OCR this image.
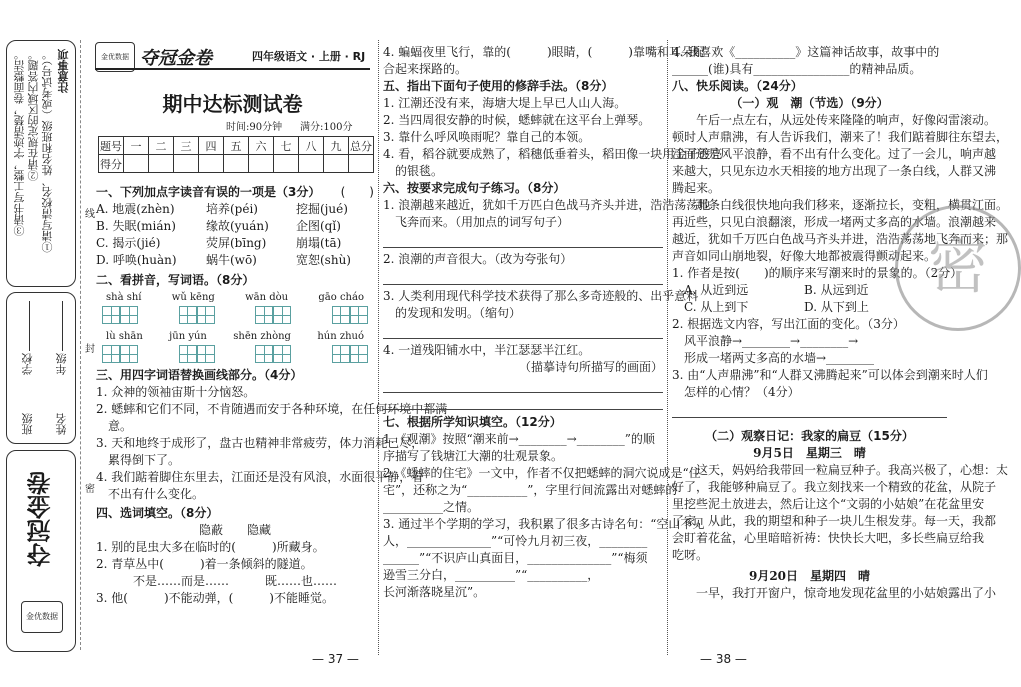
注意事项
①请写清校名、姓名和班级（或考试号）。
②请在规定的区域内答题。
③请书写工整，字迹清楚，卷面整洁。
年级
姓名
学校
班级
夺冠金卷
金优数据
线
封
密
金优数据 夺冠金卷	四年级语文 · 上册 · RJ
期中达标测试卷
时间:90分钟 满分:100分
题号	一	二	三	四	五	六	七	八	九	总分
得分										
一、下列加点字读音有误的一项是（3分） (　　)
A. 地震(zhèn)	培养(péi)	挖掘(jué)
B. 失眠(mián)	缘故(yuán)	企图(qǐ)
C. 揭示(jié)	荧屏(bīng)	崩塌(tā)
D. 呼唤(huàn)	蜗牛(wō)	宽恕(shù)
二、看拼音，写词语。（8分）
shà shí	wǔ kēng	wān dòu	gāo cháo
lù shān	jūn yún	shēn zhòng	hún zhuó
三、用四字词语替换画线部分。（4分）
1. 众神的领袖宙斯十分恼怒。
2. 蟋蟀和它们不同，不肯随遇而安于各种环境，在任何环境中都满
　意。
3. 天和地终于成形了，盘古也精神非常疲劳，体力消耗已尽，
　累得倒下了。
4. 我们踮着脚住东里去，江面还是没有风浪，水面很平静，看
　不出有什么变化。
四、选词填空。（8分）
隐蔽　　隐藏
1. 别的昆虫大多在临时的(　　　)所藏身。
2. 青草丛中(　　　)着一条倾斜的隧道。
不是……而是……　　　既……也……
3. 他(　　　)不能动弹，(　　　)不能睡觉。
4. 蝙蝠夜里飞行，靠的(　　　)眼睛，(　　　)靠嘴和耳朵配
合起来探路的。
五、指出下面句子使用的修辞手法。（8分）
1. 江潮还没有来，海塘大堤上早已人山人海。
2. 当四周很安静的时候，蟋蟀就在这平台上弹琴。
3. 靠什么呼风唤雨呢？靠自己的本领。
4. 看，稻谷就要成熟了，稻穗低垂着头，稻田像一块用金子镀亮
　的银毯。
六、按要求完成句子练习。（8分）
1. 浪潮越来越近，犹如千万匹白色战马齐头并进，浩浩荡荡地
　飞奔而来。（用加点的词写句子）
2. 浪潮的声音很大。（改为夸张句）
3. 人类利用现代科学技术获得了那么多奇迹般的、出乎意料
　的发现和发明。（缩句）
4. 一道残阳铺水中，半江瑟瑟半江红。
（描摹诗句所描写的画面）
七、根据所学知识填空。（12分）
1.《观潮》按照“潮来前→________→________”的顺
序描写了钱塘江大潮的壮观景象。
2.《蟋蟀的住宅》一文中，作者不仅把蟋蟀的洞穴说成是“住
宅”，还称之为“__________”，字里行间流露出对蟋蟀的
__________之情。
3. 通过半个学期的学习，我积累了很多古诗名句：“空山不见
人，______________”“可怜九月初三夜，________
______”“不识庐山真面目，______________”“梅须
逊雪三分白，__________”“__________，
长河渐落晓星沉”。
4. 我喜欢《__________》这篇神话故事，故事中的
______(谁)具有________________的精神品质。
八、快乐阅读。（24分）
（一）观　潮（节选）（9分）
　　午后一点左右，从远处传来隆隆的响声，好像闷雷滚动。
顿时人声鼎沸，有人告诉我们，潮来了！我们踮着脚往东望去，
江面还是风平浪静，看不出有什么变化。过了一会儿，响声越
来越大，只见东边水天相接的地方出现了一条白线，人群又沸
腾起来。
　　那条白线很快地向我们移来，逐渐拉长，变粗，横贯江面。
再近些，只见白浪翻滚，形成一堵两丈多高的水墙。浪潮越来
越近，犹如千万匹白色战马齐头并进，浩浩荡荡地飞奔而来；那
声音如同山崩地裂，好像大地都被震得颤动起来。
1. 作者是按(　　)的顺序来写潮来时的景象的。（2分）
A. 从近到远	B. 从远到近
C. 从上到下	D. 从下到上
2. 根据选文内容，写出江面的变化。（3分）
风平浪静→________→________→
形成一堵两丈多高的水墙→________
3. 由“人声鼎沸”和“人群又沸腾起来”可以体会到潮来时人们
　怎样的心情？（4分）
（二）观察日记：我家的扁豆（15分）
9月5日　星期三　晴
　　这天，妈妈给我带回一粒扁豆种子。我高兴极了，心想：太
好了，我能够种扁豆了。我立刻找来一个精致的花盆，从院子
里挖些泥土放进去，然后让这个“文弱的小姑娘”在花盆里安
了家。从此，我的期望和种子一块儿生根发芽。每一天，我都
会盯着花盆，心里暗暗祈祷：快快长大吧，多长些扁豆给我
吃呀。
9月20日　星期四　晴
　　一早，我打开窗户，惊奇地发现花盆里的小姑娘露出了小
密
— 37 —	— 38 —
